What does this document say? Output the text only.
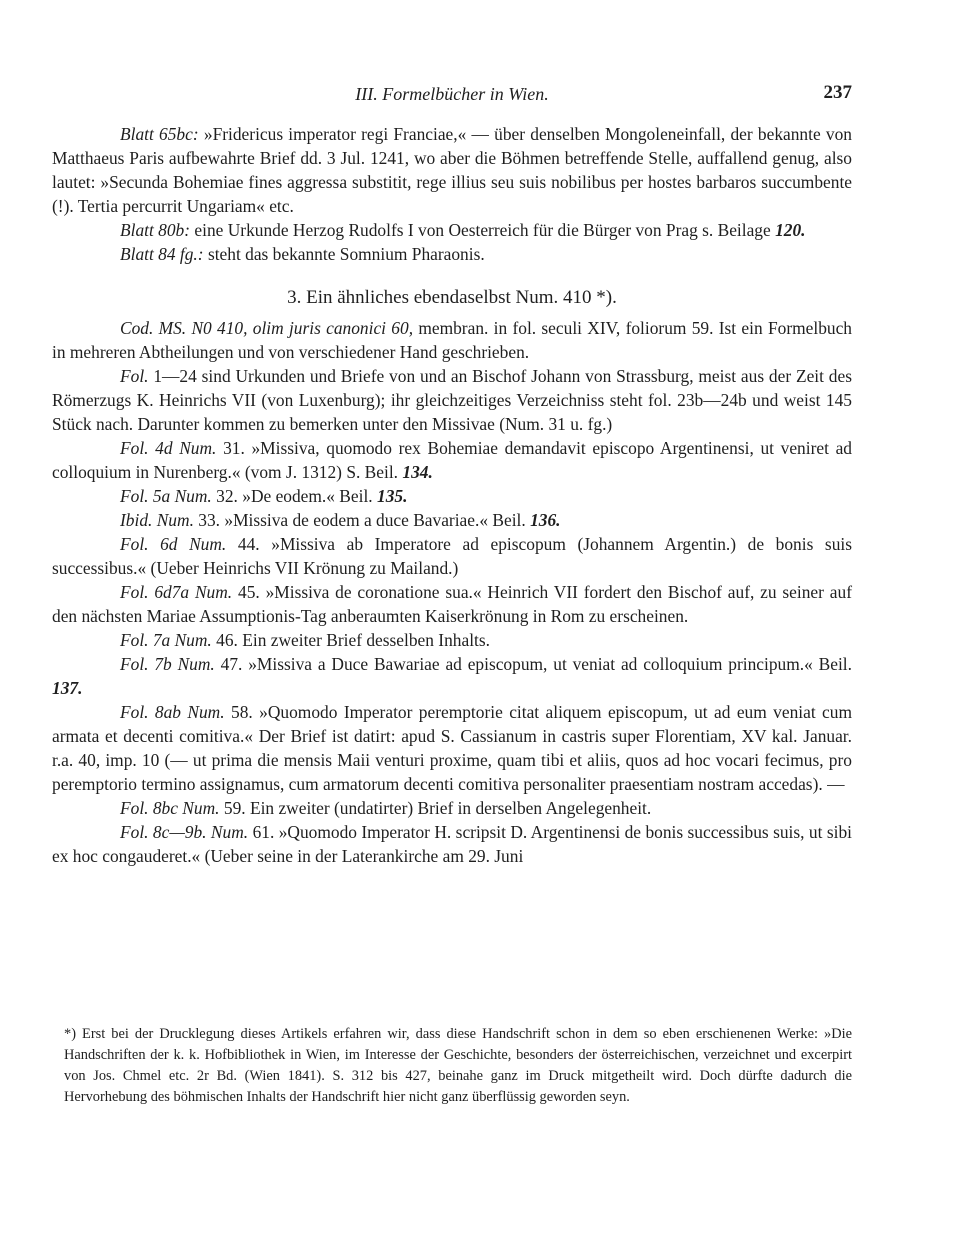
III. Formelbücher in Wien.	237

Blatt 65bc: »Fridericus imperator regi Franciae,« — über denselben Mongoleneinfall, der bekannte von Matthaeus Paris aufbewahrte Brief dd. 3 Jul. 1241, wo aber die Böhmen betreffende Stelle, auffallend genug, also lautet: »Secunda Bohemiae fines aggressa substitit, rege illius seu suis nobilibus per hostes barbaros succumbente (!). Tertia percurrit Ungariam« etc.

Blatt 80b: eine Urkunde Herzog Rudolfs I von Oesterreich für die Bürger von Prag s. Beilage 120.

Blatt 84 fg.: steht das bekannte Somnium Pharaonis.

3. Ein ähnliches ebendaselbst Num. 410 *).

Cod. MS. N0 410, olim juris canonici 60, membran. in fol. seculi XIV, foliorum 59. Ist ein Formelbuch in mehreren Abtheilungen und von verschiedener Hand geschrieben.

Fol. 1—24 sind Urkunden und Briefe von und an Bischof Johann von Strassburg, meist aus der Zeit des Römerzugs K. Heinrichs VII (von Luxenburg); ihr gleichzeitiges Verzeichniss steht fol. 23b—24b und weist 145 Stück nach. Darunter kommen zu bemerken unter den Missivae (Num. 31 u. fg.)

Fol. 4d Num. 31. »Missiva, quomodo rex Bohemiae demandavit episcopo Argentinensi, ut veniret ad colloquium in Nurenberg.« (vom J. 1312) S. Beil. 134.

Fol. 5a Num. 32. »De eodem.« Beil. 135.

Ibid. Num. 33. »Missiva de eodem a duce Bavariae.« Beil. 136.

Fol. 6d Num. 44. »Missiva ab Imperatore ad episcopum (Johannem Argentin.) de bonis suis successibus.« (Ueber Heinrichs VII Krönung zu Mailand.)

Fol. 6d7a Num. 45. »Missiva de coronatione sua.« Heinrich VII fordert den Bischof auf, zu seiner auf den nächsten Mariae Assumptionis-Tag anberaumten Kaiserkrönung in Rom zu erscheinen.

Fol. 7a Num. 46. Ein zweiter Brief desselben Inhalts.

Fol. 7b Num. 47. »Missiva a Duce Bawariae ad episcopum, ut veniat ad colloquium principum.« Beil. 137.

Fol. 8ab Num. 58. »Quomodo Imperator peremptorie citat aliquem episcopum, ut ad eum veniat cum armata et decenti comitiva.« Der Brief ist datirt: apud S. Cassianum in castris super Florentiam, XV kal. Januar. r.a. 40, imp. 10 (— ut prima die mensis Maii venturi proxime, quam tibi et aliis, quos ad hoc vocari fecimus, pro peremptorio termino assignamus, cum armatorum decenti comitiva personaliter praesentiam nostram accedas). —

Fol. 8bc Num. 59. Ein zweiter (undatirter) Brief in derselben Angelegenheit.

Fol. 8c—9b. Num. 61. »Quomodo Imperator H. scripsit D. Argentinensi de bonis successibus suis, ut sibi ex hoc congauderet.« (Ueber seine in der Laterankirche am 29. Juni

*) Erst bei der Drucklegung dieses Artikels erfahren wir, dass diese Handschrift schon in dem so eben erschienenen Werke: »Die Handschriften der k. k. Hofbibliothek in Wien, im Interesse der Geschichte, besonders der österreichischen, verzeichnet und excerpirt von Jos. Chmel etc. 2r Bd. (Wien 1841). S. 312 bis 427, beinahe ganz im Druck mitgetheilt wird. Doch dürfte dadurch die Hervorhebung des böhmischen Inhalts der Handschrift hier nicht ganz überflüssig geworden seyn.
